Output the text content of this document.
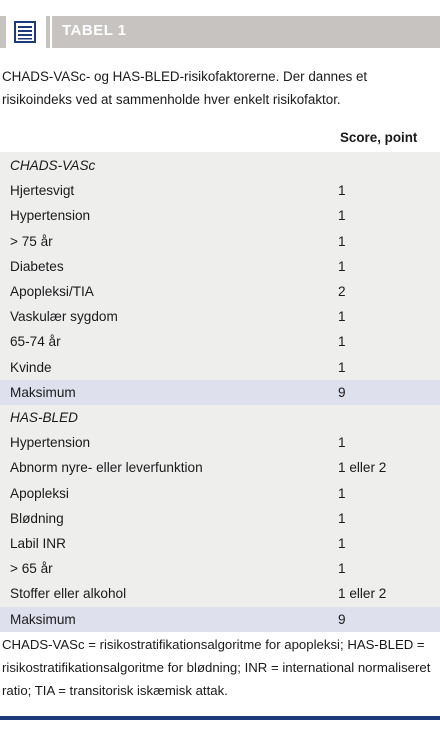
TABEL 1
CHADS-VASc- og HAS-BLED-risikofaktorerne. Der dannes et risikoindeks ved at sammenholde hver enkelt risikofaktor.
Score, point
CHADS-VASc
Hjertesvigt	1
Hypertension	1
> 75 år	1
Diabetes	1
Apopleksi/TIA	2
Vaskulær sygdom	1
65-74 år	1
Kvinde	1
Maksimum	9
HAS-BLED
Hypertension	1
Abnorm nyre- eller leverfunktion	1 eller 2
Apopleksi	1
Blødning	1
Labil INR	1
> 65 år	1
Stoffer eller alkohol	1 eller 2
Maksimum	9
CHADS-VASc = risikostratifikationsalgoritme for apopleksi; HAS-BLED = risikostratifikationsalgoritme for blødning; INR = international normaliseret ratio; TIA = transitorisk iskæmisk attak.
